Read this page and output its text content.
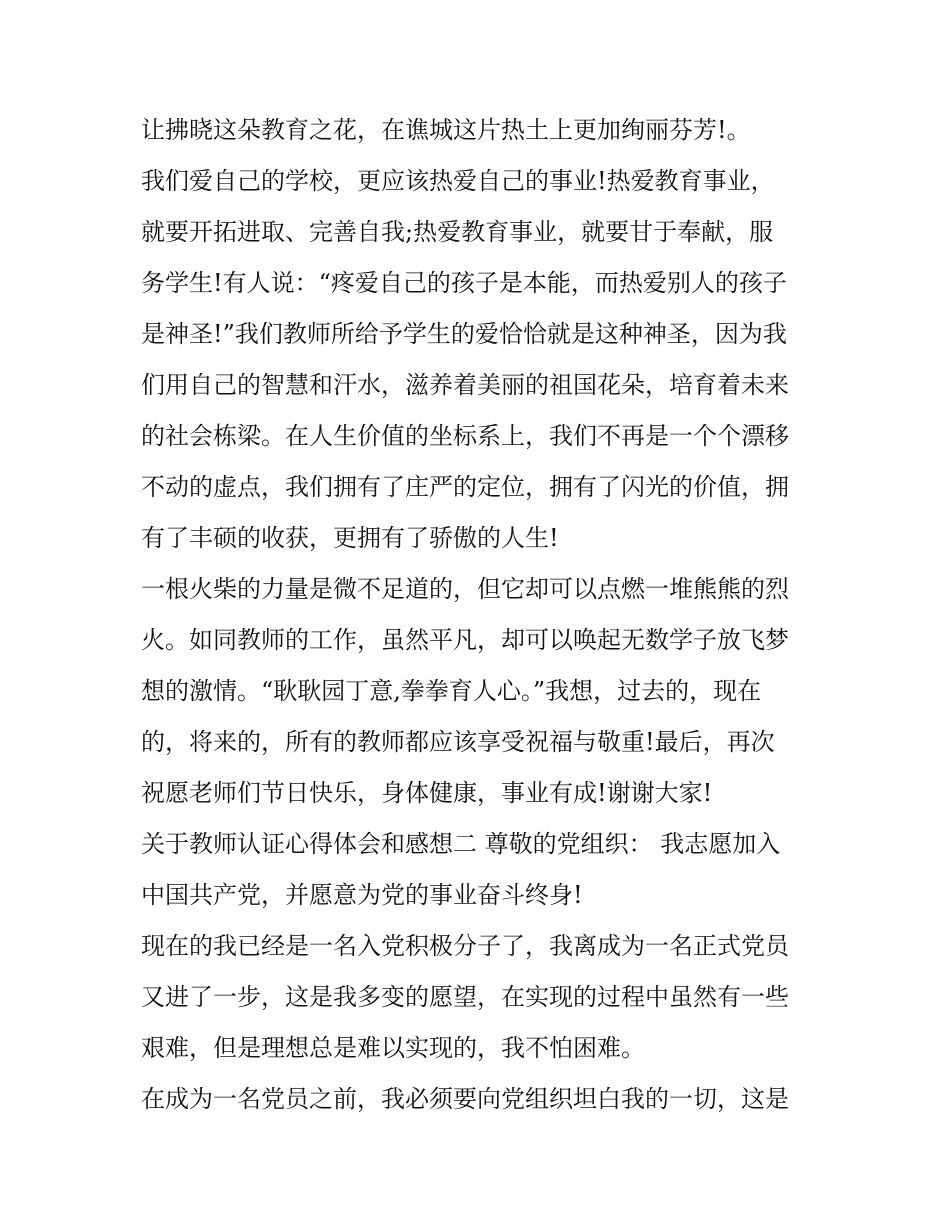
让拂晓这朵教育之花，在谯城这片热土上更加绚丽芬芳!。
我们爱自己的学校，更应该热爱自己的事业!热爱教育事业，
就要开拓进取、完善自我;热爱教育事业，就要甘于奉献，服
务学生!有人说：“疼爱自己的孩子是本能，而热爱别人的孩子
是神圣!”我们教师所给予学生的爱恰恰就是这种神圣，因为我
们用自己的智慧和汗水，滋养着美丽的祖国花朵，培育着未来
的社会栋梁。在人生价值的坐标系上，我们不再是一个个漂移
不动的虚点，我们拥有了庄严的定位，拥有了闪光的价值，拥
有了丰硕的收获，更拥有了骄傲的人生!
一根火柴的力量是微不足道的，但它却可以点燃一堆熊熊的烈
火。如同教师的工作，虽然平凡，却可以唤起无数学子放飞梦
想的激情。“耿耿园丁意,拳拳育人心。”我想，过去的，现在
的，将来的，所有的教师都应该享受祝福与敬重!最后，再次
祝愿老师们节日快乐，身体健康，事业有成!谢谢大家!
关于教师认证心得体会和感想二 尊敬的党组织： 我志愿加入
中国共产党，并愿意为党的事业奋斗终身!
现在的我已经是一名入党积极分子了，我离成为一名正式党员
又进了一步，这是我多变的愿望，在实现的过程中虽然有一些
艰难，但是理想总是难以实现的，我不怕困难。
在成为一名党员之前，我必须要向党组织坦白我的一切，这是
